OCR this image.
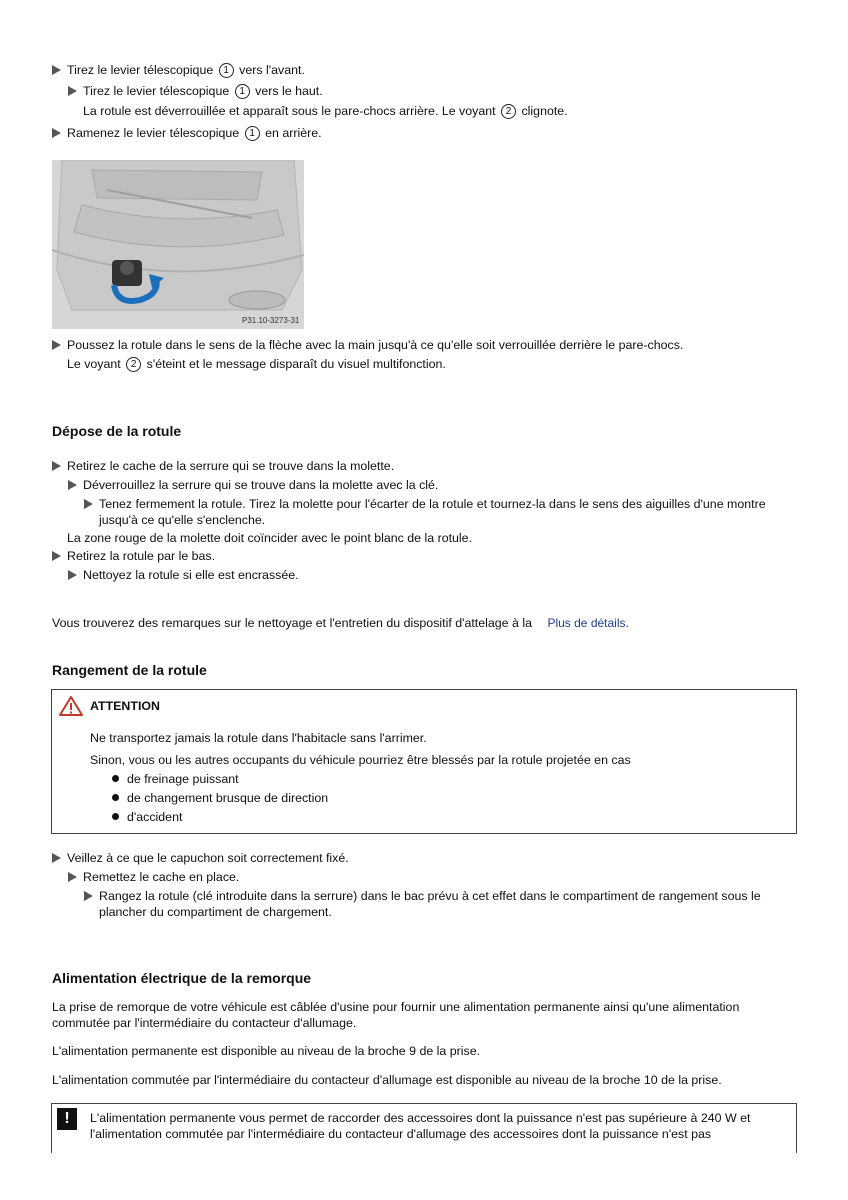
Tirez le levier télescopique 1 vers l'avant.
Tirez le levier télescopique 1 vers le haut.
La rotule est déverrouillée et apparaît sous le pare-chocs arrière. Le voyant 2 clignote.
Ramenez le levier télescopique 1 en arrière.
P31.10-3273-31
Poussez la rotule dans le sens de la flèche avec la main jusqu'à ce qu'elle soit verrouillée derrière le pare-chocs.
Le voyant 2 s'éteint et le message disparaît du visuel multifonction.
Dépose de la rotule
Retirez le cache de la serrure qui se trouve dans la molette.
Déverrouillez la serrure qui se trouve dans la molette avec la clé.
Tenez fermement la rotule. Tirez la molette pour l'écarter de la rotule et tournez-la dans le sens des aiguilles d'une montre
jusqu'à ce qu'elle s'enclenche.
La zone rouge de la molette doit coïncider avec le point blanc de la rotule.
Retirez la rotule par le bas.
Nettoyez la rotule si elle est encrassée.
Vous trouverez des remarques sur le nettoyage et l'entretien du dispositif d'attelage à la Plus de détails.
Rangement de la rotule
ATTENTION
Ne transportez jamais la rotule dans l'habitacle sans l'arrimer.
Sinon, vous ou les autres occupants du véhicule pourriez être blessés par la rotule projetée en cas
de freinage puissant
de changement brusque de direction
d'accident
Veillez à ce que le capuchon soit correctement fixé.
Remettez le cache en place.
Rangez la rotule (clé introduite dans la serrure) dans le bac prévu à cet effet dans le compartiment de rangement sous le
plancher du compartiment de chargement.
Alimentation électrique de la remorque
La prise de remorque de votre véhicule est câblée d'usine pour fournir une alimentation permanente ainsi qu'une alimentation
commutée par l'intermédiaire du contacteur d'allumage.
L'alimentation permanente est disponible au niveau de la broche 9 de la prise.
L'alimentation commutée par l'intermédiaire du contacteur d'allumage est disponible au niveau de la broche 10 de la prise.
!	L'alimentation permanente vous permet de raccorder des accessoires dont la puissance n'est pas supérieure à 240 W et
l'alimentation commutée par l'intermédiaire du contacteur d'allumage des accessoires dont la puissance n'est pas
